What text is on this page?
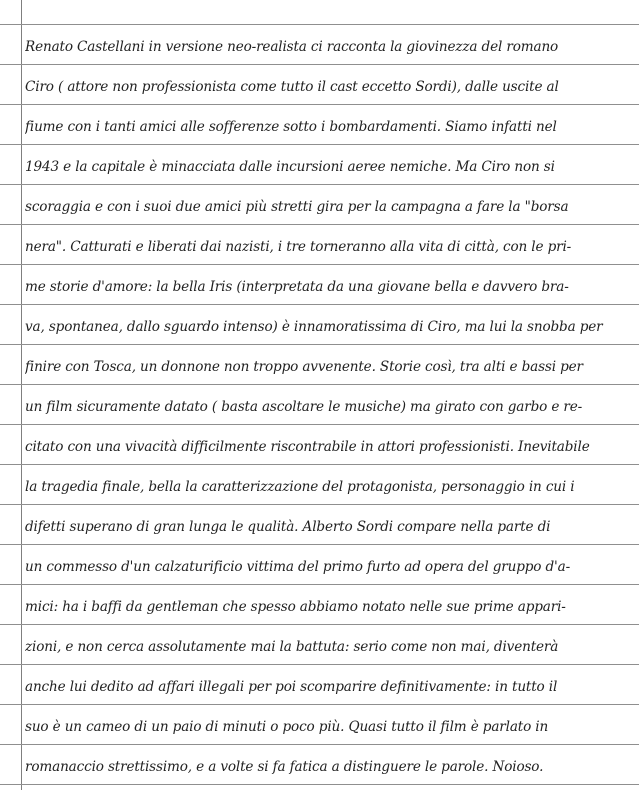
Renato Castellani in versione neo-realista ci racconta la giovinezza del romano
Ciro ( attore non professionista come tutto il cast eccetto Sordi), dalle uscite al
fiume con i tanti amici alle sofferenze sotto i bombardamenti. Siamo infatti nel
1943 e la capitale è minacciata dalle incursioni aeree nemiche. Ma Ciro non si
scoraggia e con i suoi due amici più stretti gira per la campagna a fare la "borsa
nera". Catturati e liberati dai nazisti, i tre torneranno alla vita di città, con le pri-
me storie d'amore: la bella Iris (interpretata da una giovane bella e davvero bra-
va, spontanea, dallo sguardo intenso) è innamoratissima di Ciro, ma lui la snobba per
finire con Tosca, un donnone non troppo avvenente. Storie così, tra alti e bassi per
un film sicuramente datato ( basta ascoltare le musiche) ma girato con garbo e re-
citato con una vivacità difficilmente riscontrabile in attori professionisti. Inevitabile
la tragedia finale, bella la caratterizzazione del protagonista, personaggio in cui i
difetti superano di gran lunga le qualità. Alberto Sordi compare nella parte di
un commesso d'un calzaturificio vittima del primo furto ad opera del gruppo d'a-
mici: ha i baffi da gentleman che spesso abbiamo notato nelle sue prime appari-
zioni, e non cerca assolutamente mai la battuta: serio come non mai, diventerà
anche lui dedito ad affari illegali per poi scomparire definitivamente: in tutto il
suo è un cameo di un paio di minuti o poco più. Quasi tutto il film è parlato in
romanaccio strettissimo, e a volte si fa fatica a distinguere le parole. Noioso.
